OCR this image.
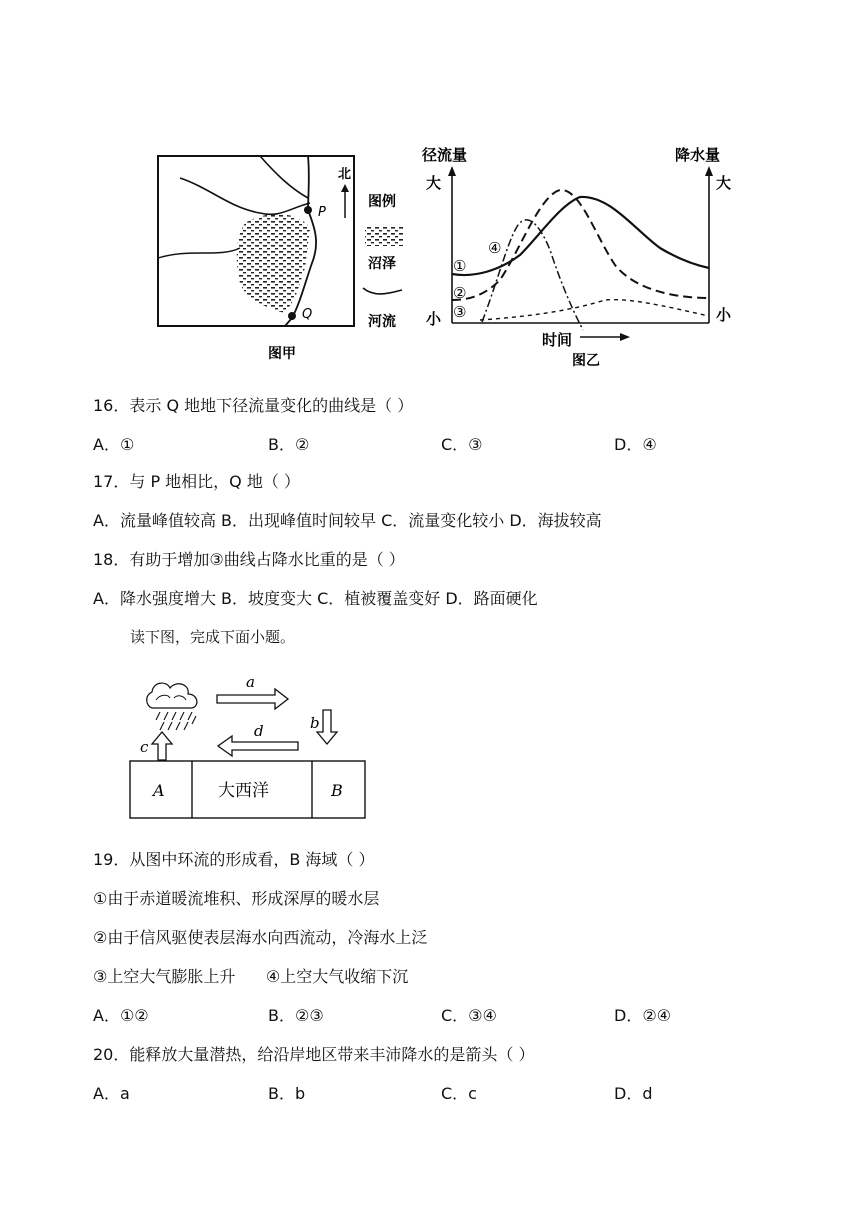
P
Q
北
图例
沼泽
河流
图甲
径流量	降水量
大
小
大
小
时间
图乙
①
②
③
④
16．表示 Q 地地下径流量变化的曲线是（ ）
A．①	B．②	C．③	D．④
17．与 P 地相比，Q 地（ ）
A．流量峰值较高 B．出现峰值时间较早 C．流量变化较小 D．海拔较高
18．有助于增加③曲线占降水比重的是（ ）
A．降水强度增大 B．坡度变大 C．植被覆盖变好 D．路面硬化
读下图，完成下面小题。
a
b
c
d
A	大西洋	B
19．从图中环流的形成看，B 海域（ ）
①由于赤道暖流堆积、形成深厚的暖水层
②由于信风驱使表层海水向西流动，冷海水上泛
③上空大气膨胀上升      ④上空大气收缩下沉
A．①②	B．②③	C．③④	D．②④
20．能释放大量潜热，给沿岸地区带来丰沛降水的是箭头（ ）
A．a	B．b	C．c	D．d
